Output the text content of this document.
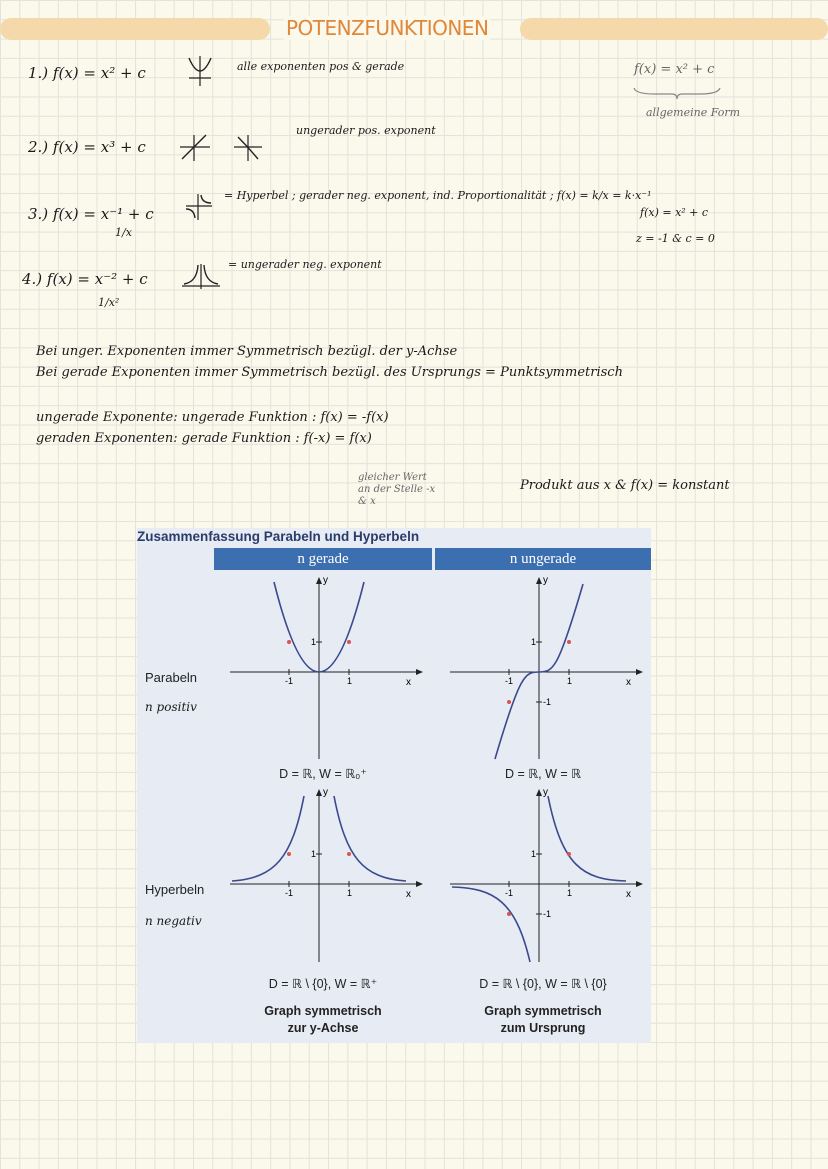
POTENZFUNKTIONEN
1.) f(x) = x² + c	alle exponenten pos & gerade
2.) f(x) = x³ + c
ungerader pos. exponent
3.) f(x) = x⁻¹ + c
1/x
= Hyperbel ; gerader neg. exponent, ind. Proportionalität ; f(x) = k/x = k·x⁻¹
f(x) = x² + c
z = -1 & c = 0
4.) f(x) = x⁻² + c
1/x²
= ungerader neg. exponent
f(x) = x² + c
allgemeine Form
Bei unger. Exponenten immer Symmetrisch bezügl. der y-Achse
Bei gerade Exponenten immer Symmetrisch bezügl. des Ursprungs = Punktsymmetrisch
ungerade Exponente: ungerade Funktion : f(x) = -f(x)
geraden Exponenten: gerade Funktion : f(-x) = f(x)
gleicher Wert an der Stelle -x & x
Produkt aus x & f(x) = konstant
Zusammenfassung Parabeln und Hyperbeln
n gerade	n ungerade
Parabeln
n positiv
Hyperbeln
n negativ
-1	1
1
y
x	-1	1
1
-1
y
x
-1	1
1
y
x	-1	1
1
-1
y
x
D = ℝ, W = ℝ₀⁺	D = ℝ, W = ℝ
D = ℝ \ {0}, W = ℝ⁺	D = ℝ \ {0}, W = ℝ \ {0}
Graph symmetrisch
zur y-Achse
Graph symmetrisch
zum Ursprung
